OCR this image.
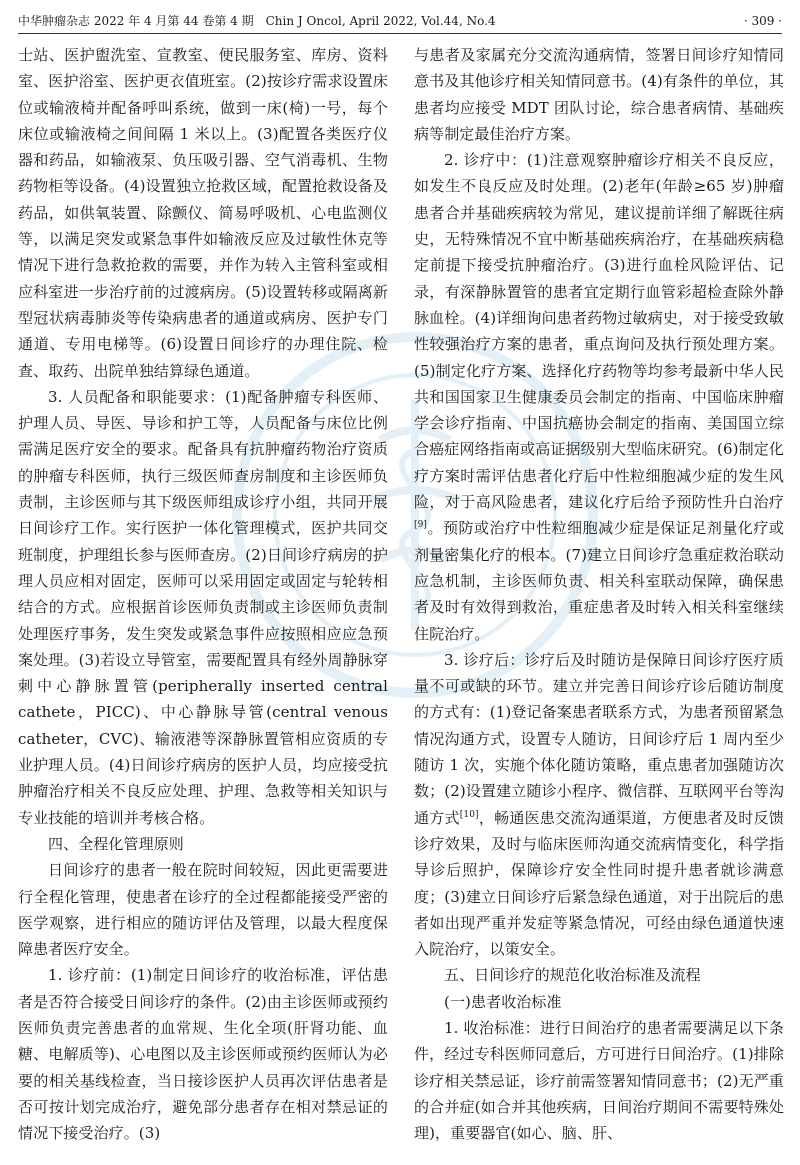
中华肿瘤杂志 2022 年 4 月第 44 卷第 4 期　Chin J Oncol, April 2022, Vol.44, No.4	· 309 ·

士站、医护盥洗室、宣教室、便民服务室、库房、资料室、医护浴室、医护更衣值班室。(2)按诊疗需求设置床位或输液椅并配备呼叫系统，做到一床(椅)一号，每个床位或输液椅之间间隔 1 米以上。(3)配置各类医疗仪器和药品，如输液泵、负压吸引器、空气消毒机、生物药物柜等设备。(4)设置独立抢救区域，配置抢救设备及药品，如供氧装置、除颤仪、简易呼吸机、心电监测仪等，以满足突发或紧急事件如输液反应及过敏性休克等情况下进行急救抢救的需要，并作为转入主管科室或相应科室进一步治疗前的过渡病房。(5)设置转移或隔离新型冠状病毒肺炎等传染病患者的通道或病房、医护专门通道、专用电梯等。(6)设置日间诊疗的办理住院、检查、取药、出院单独结算绿色通道。

3. 人员配备和职能要求：(1)配备肿瘤专科医师、护理人员、导医、导诊和护工等，人员配备与床位比例需满足医疗安全的要求。配备具有抗肿瘤药物治疗资质的肿瘤专科医师，执行三级医师查房制度和主诊医师负责制，主诊医师与其下级医师组成诊疗小组，共同开展日间诊疗工作。实行医护一体化管理模式，医护共同交班制度，护理组长参与医师查房。(2)日间诊疗病房的护理人员应相对固定，医师可以采用固定或固定与轮转相结合的方式。应根据首诊医师负责制或主诊医师负责制处理医疗事务，发生突发或紧急事件应按照相应应急预案处理。(3)若设立导管室，需要配置具有经外周静脉穿刺中心静脉置管(peripherally inserted central cathete，PICC)、中心静脉导管(central venous catheter，CVC)、输液港等深静脉置管相应资质的专业护理人员。(4)日间诊疗病房的医护人员，均应接受抗肿瘤治疗相关不良反应处理、护理、急救等相关知识与专业技能的培训并考核合格。

四、全程化管理原则

日间诊疗的患者一般在院时间较短，因此更需要进行全程化管理，使患者在诊疗的全过程都能接受严密的医学观察，进行相应的随访评估及管理，以最大程度保障患者医疗安全。

1. 诊疗前：(1)制定日间诊疗的收治标准，评估患者是否符合接受日间诊疗的条件。(2)由主诊医师或预约医师负责完善患者的血常规、生化全项(肝肾功能、血糖、电解质等)、心电图以及主诊医师或预约医师认为必要的相关基线检查，当日接诊医护人员再次评估患者是否可按计划完成治疗，避免部分患者存在相对禁忌证的情况下接受治疗。(3)

与患者及家属充分交流沟通病情，签署日间诊疗知情同意书及其他诊疗相关知情同意书。(4)有条件的单位，其患者均应接受 MDT 团队讨论，综合患者病情、基础疾病等制定最佳治疗方案。

2. 诊疗中：(1)注意观察肿瘤诊疗相关不良反应，如发生不良反应及时处理。(2)老年(年龄≥65 岁)肿瘤患者合并基础疾病较为常见，建议提前详细了解既往病史，无特殊情况不宜中断基础疾病治疗，在基础疾病稳定前提下接受抗肿瘤治疗。(3)进行血栓风险评估、记录，有深静脉置管的患者宜定期行血管彩超检查除外静脉血栓。(4)详细询问患者药物过敏病史，对于接受致敏性较强治疗方案的患者，重点询问及执行预处理方案。(5)制定化疗方案、选择化疗药物等均参考最新中华人民共和国国家卫生健康委员会制定的指南、中国临床肿瘤学会诊疗指南、中国抗癌协会制定的指南、美国国立综合癌症网络指南或高证据级别大型临床研究。(6)制定化疗方案时需评估患者化疗后中性粒细胞减少症的发生风险，对于高风险患者，建议化疗后给予预防性升白治疗[9]。预防或治疗中性粒细胞减少症是保证足剂量化疗或剂量密集化疗的根本。(7)建立日间诊疗急重症救治联动应急机制，主诊医师负责、相关科室联动保障，确保患者及时有效得到救治，重症患者及时转入相关科室继续住院治疗。

3. 诊疗后：诊疗后及时随访是保障日间诊疗医疗质量不可或缺的环节。建立并完善日间诊疗诊后随访制度的方式有：(1)登记备案患者联系方式，为患者预留紧急情况沟通方式，设置专人随访，日间诊疗后 1 周内至少随访 1 次，实施个体化随访策略，重点患者加强随访次数；(2)设置建立随诊小程序、微信群、互联网平台等沟通方式[10]，畅通医患交流沟通渠道，方便患者及时反馈诊疗效果，及时与临床医师沟通交流病情变化，科学指导诊后照护，保障诊疗安全性同时提升患者就诊满意度；(3)建立日间诊疗后紧急绿色通道，对于出院后的患者如出现严重并发症等紧急情况，可经由绿色通道快速入院治疗，以策安全。

五、日间诊疗的规范化收治标准及流程

(一)患者收治标准

1. 收治标准：进行日间治疗的患者需要满足以下条件，经过专科医师同意后，方可进行日间治疗。(1)排除诊疗相关禁忌证，诊疗前需签署知情同意书；(2)无严重的合并症(如合并其他疾病，日间治疗期间不需要特殊处理)，重要器官(如心、脑、肝、
